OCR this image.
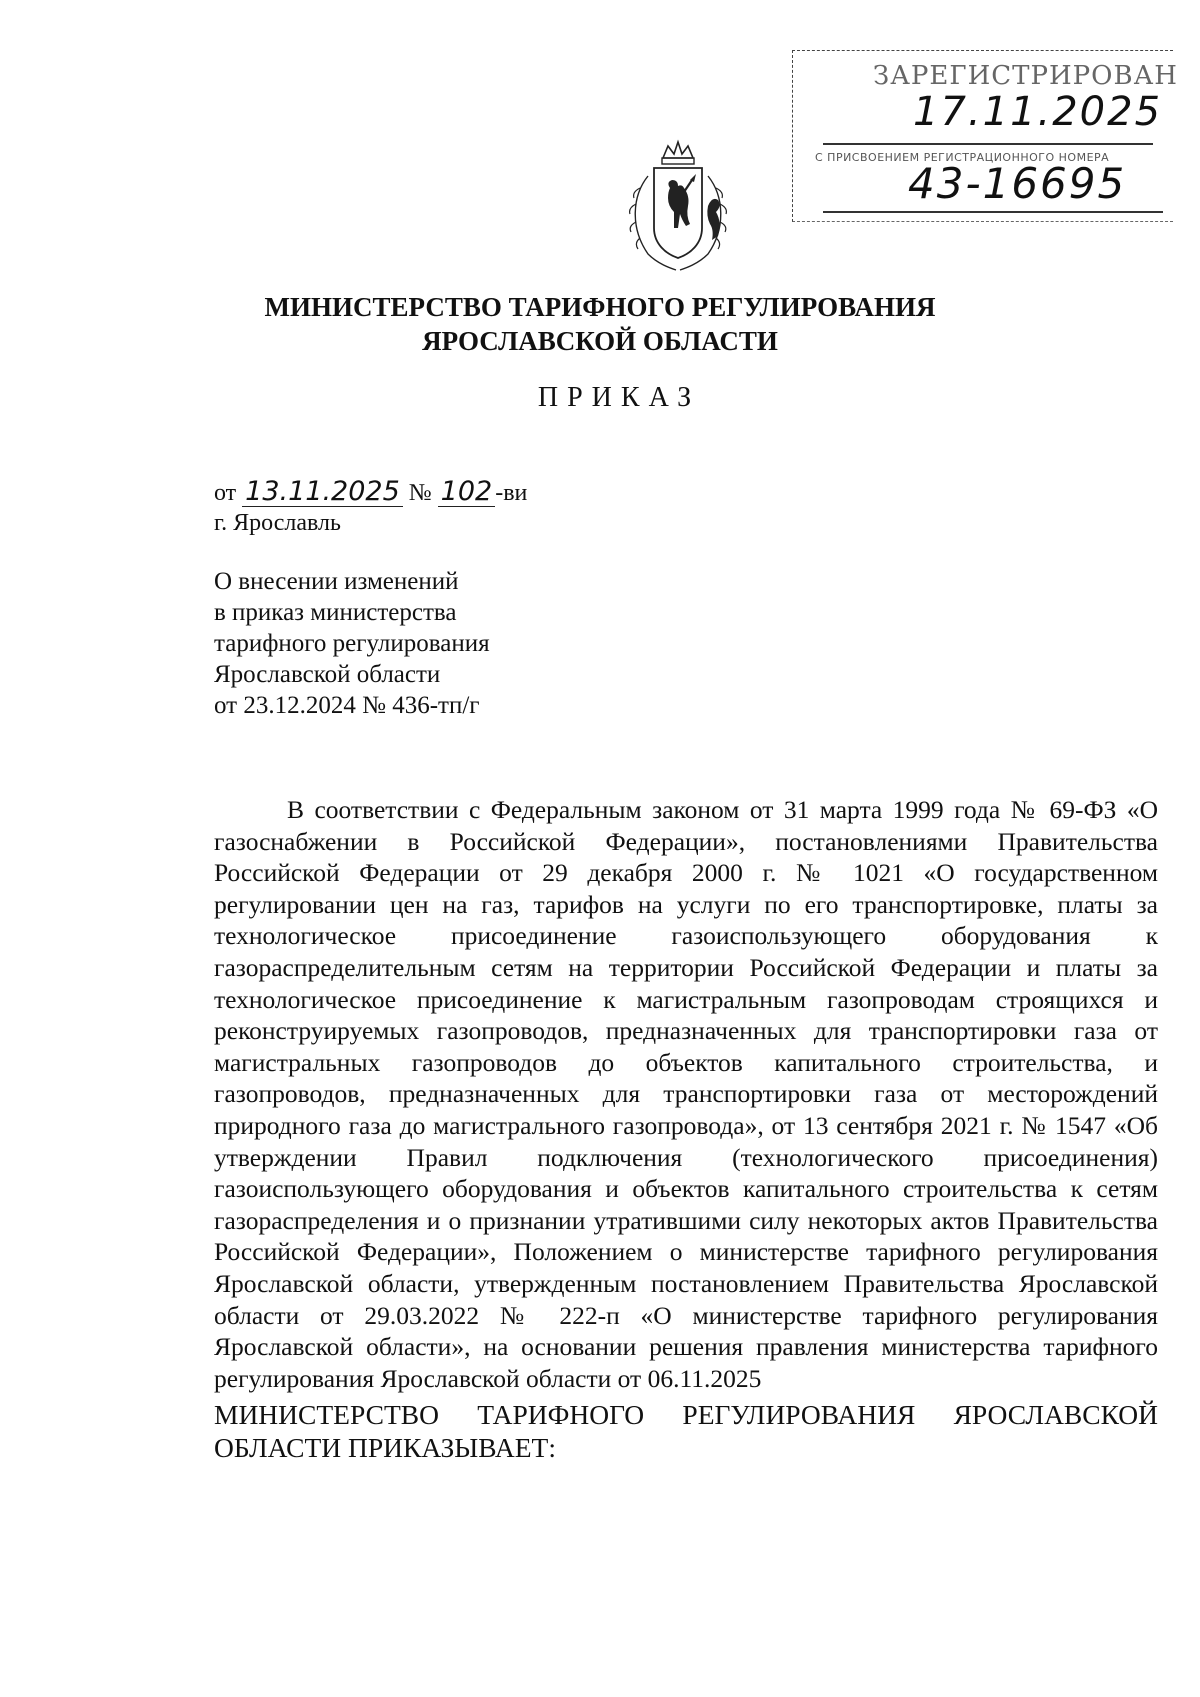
ЗАРЕГИСТРИРОВАН
17.11.2025
С ПРИСВОЕНИЕМ РЕГИСТРАЦИОННОГО НОМЕРА
43-16695
МИНИСТЕРСТВО ТАРИФНОГО РЕГУЛИРОВАНИЯ
ЯРОСЛАВСКОЙ ОБЛАСТИ
ПРИКАЗ
от 13.11.2025 № 102 -ви
г. Ярославль
О внесении изменений
в приказ министерства
тарифного регулирования
Ярославской области
от 23.12.2024 № 436-тп/г
В соответствии с Федеральным законом от 31 марта 1999 года № 69-ФЗ «О газоснабжении в Российской Федерации», постановлениями Правительства Российской Федерации от 29 декабря 2000 г. № 1021 «О государственном регулировании цен на газ, тарифов на услуги по его транспортировке, платы за технологическое присоединение газоиспользующего оборудования к газораспределительным сетям на территории Российской Федерации и платы за технологическое присоединение к магистральным газопроводам строящихся и реконструируемых газопроводов, предназначенных для транспортировки газа от магистральных газопроводов до объектов капитального строительства, и газопроводов, предназначенных для транспортировки газа от месторождений природного газа до магистрального газопровода», от 13 сентября 2021 г. № 1547 «Об утверждении Правил подключения (технологического присоединения) газоиспользующего оборудования и объектов капитального строительства к сетям газораспределения и о признании утратившими силу некоторых актов Правительства Российской Федерации», Положением о министерстве тарифного регулирования Ярославской области, утвержденным постановлением Правительства Ярославской области от 29.03.2022 № 222-п «О министерстве тарифного регулирования Ярославской области», на основании решения правления министерства тарифного регулирования Ярославской области от 06.11.2025
МИНИСТЕРСТВО ТАРИФНОГО РЕГУЛИРОВАНИЯ ЯРОСЛАВСКОЙ ОБЛАСТИ ПРИКАЗЫВАЕТ:
